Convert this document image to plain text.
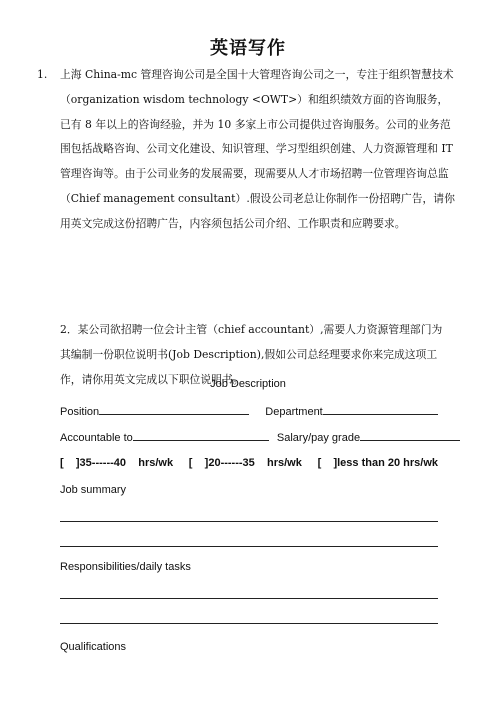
英语写作
1. 上海 China-mc 管理咨询公司是全国十大管理咨询公司之一，专注于组织智慧技术（organization wisdom technology <OWT>）和组织绩效方面的咨询服务，已有 8 年以上的咨询经验，并为 10 多家上市公司提供过咨询服务。公司的业务范围包括战略咨询、公司文化建设、知识管理、学习型组织创建、人力资源管理和 IT 管理咨询等。由于公司业务的发展需要，现需要从人才市场招聘一位管理咨询总监（Chief management consultant）.假设公司老总让你制作一份招聘广告，请你用英文完成这份招聘广告，内容须包括公司介绍、工作职责和应聘要求。
2．某公司欲招聘一位会计主管（chief accountant）,需要人力资源管理部门为其编制一份职位说明书(Job Description),假如公司总经理要求你来完成这项工作，请你用英文完成以下职位说明书。
Job Description
Position	Department
Accountable to	Salary/pay grade
[    ]35------40    hrs/wk [    ]20------35    hrs/wk [    ]less than 20 hrs/wk
Job summary
Responsibilities/daily tasks
Qualifications
